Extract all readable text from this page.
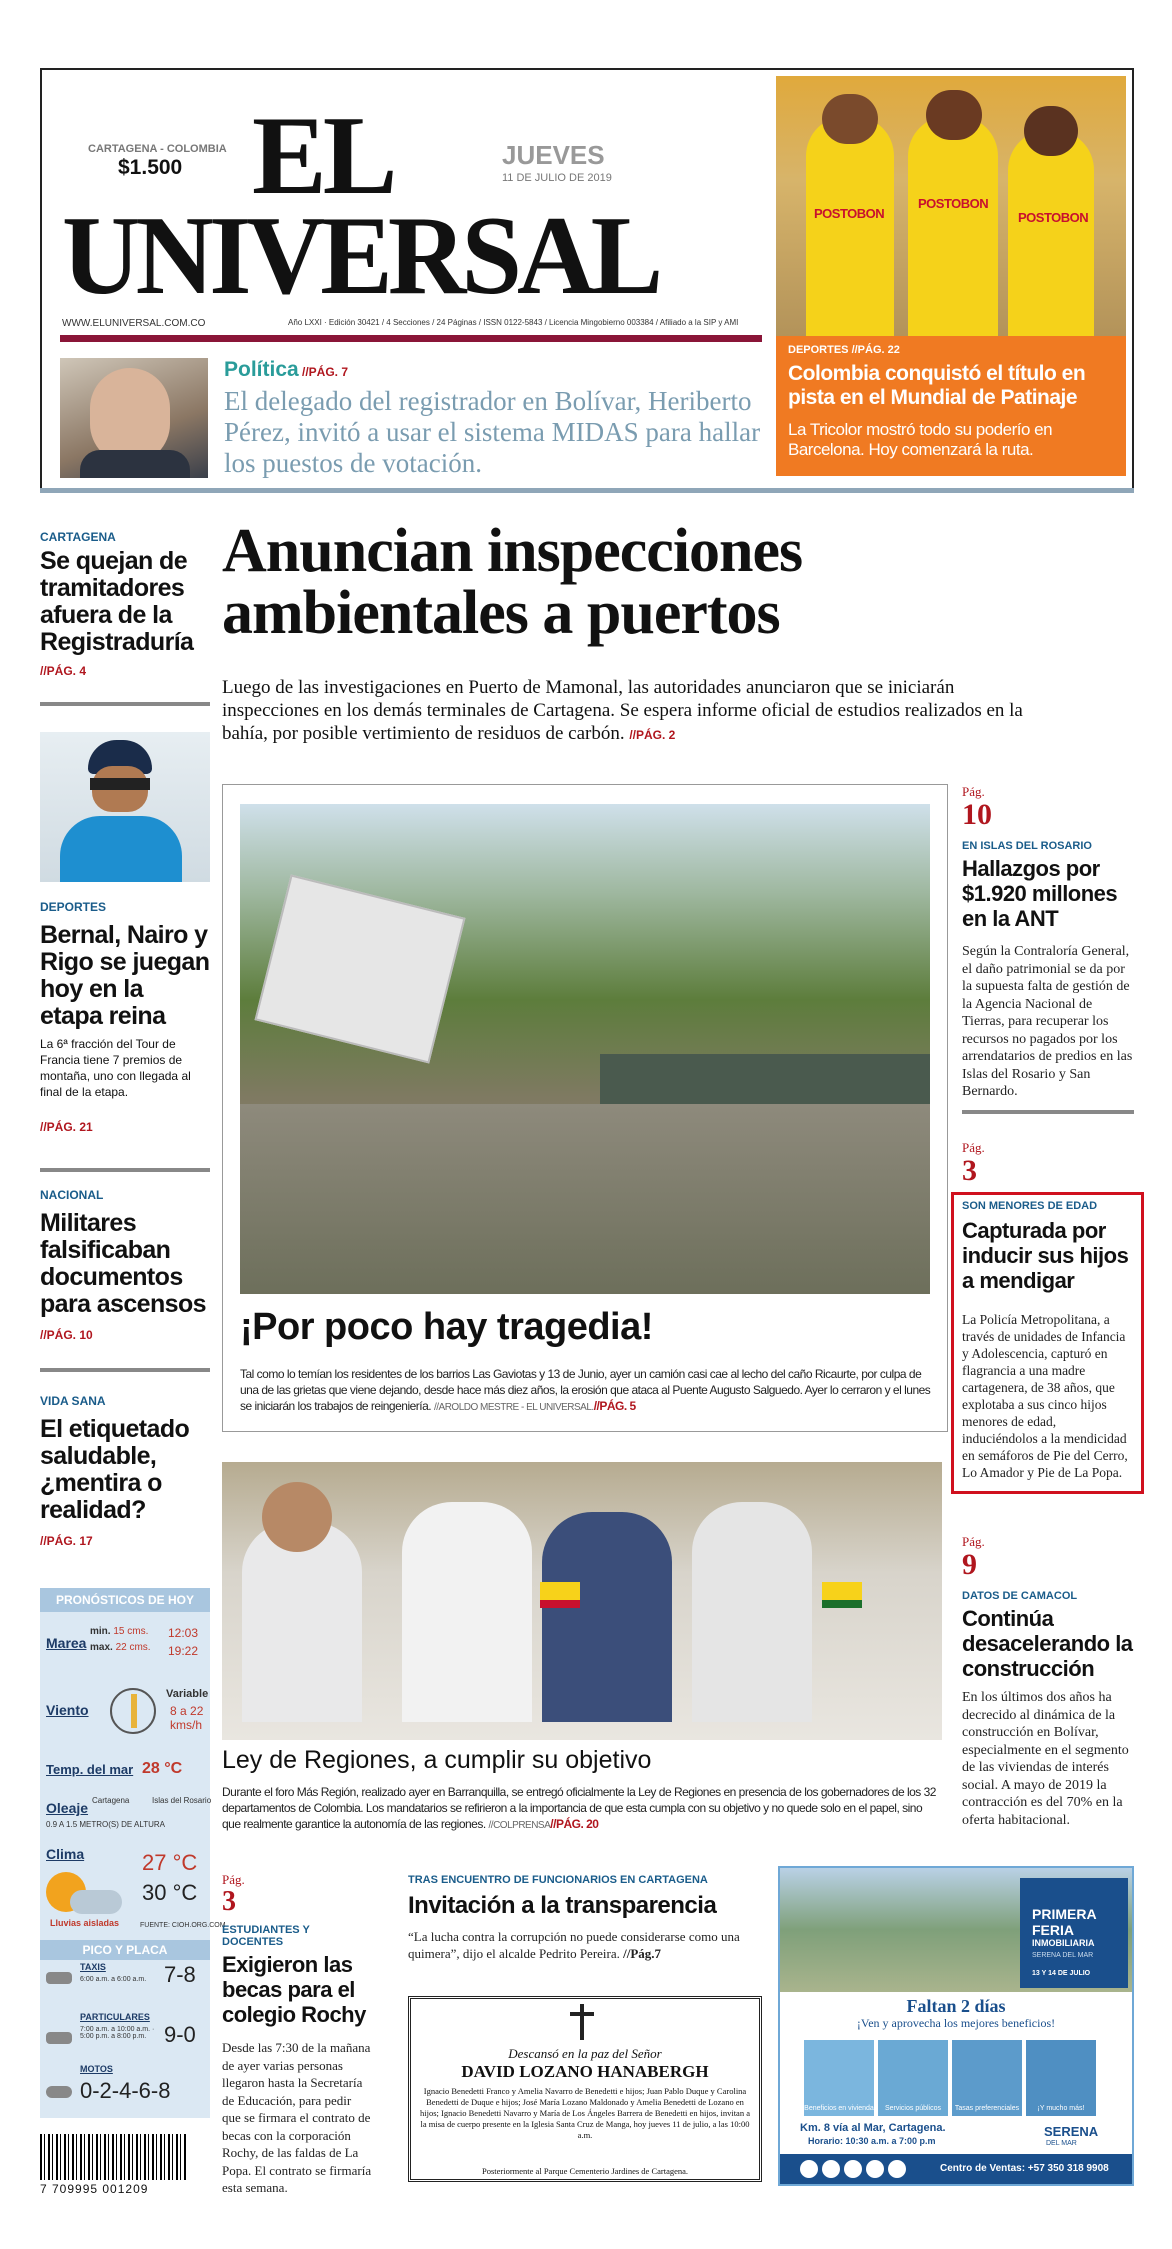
CARTAGENA - COLOMBIA
$1.500 EL
UNIVERSAL
JUEVES
11 DE JULIO DE 2019
WWW.ELUNIVERSAL.COM.CO	Año LXXI · Edición 30421 / 4 Secciones / 24 Páginas / ISSN 0122-5843 / Licencia Mingobierno 003384 / Afiliado a la SIP y AMI
Política //PÁG. 7
El delegado del registrador en Bolívar, Heriberto Pérez, invitó a usar el sistema MIDAS para hallar los puestos de votación.
POSTOBON
POSTOBON
POSTOBON
DEPORTES //PÁG. 22
Colombia conquistó el título en pista en el Mundial de Patinaje
La Tricolor mostró todo su poderío en Barcelona. Hoy comenzará la ruta.
Anuncian inspecciones ambientales a puertos
Luego de las investigaciones en Puerto de Mamonal, las autoridades anunciaron que se iniciarán inspecciones en los demás terminales de Cartagena. Se espera informe oficial de estudios realizados en la bahía, por posible vertimiento de residuos de carbón. //PÁG. 2
CARTAGENA
Se quejan de tramitadores afuera de la Registraduría
//PÁG. 4
DEPORTES
Bernal, Nairo y Rigo se juegan hoy en la etapa reina
La 6ª fracción del Tour de Francia tiene 7 premios de montaña, uno con llegada al final de la etapa.
//PÁG. 21
NACIONAL
Militares falsificaban documentos para ascensos
//PÁG. 10
VIDA SANA
El etiquetado saludable, ¿mentira o realidad?
//PÁG. 17
PRONÓSTICOS DE HOY
Marea
min. 15 cms.
max. 22 cms.
12:03
19:22
Viento
Variable
8 a 22 kms/h
Temp. del mar 28 °C
Oleaje Cartagena	Islas del Rosario
0.9 A 1.5 METRO(S) DE ALTURA
Clima	27 °C
30 °C
Lluvias aisladas	FUENTE: CIOH.ORG.COM
PICO Y PLACA
TAXIS
6:00 a.m. a 6:00 a.m. 7-8
PARTICULARES
7:00 a.m. a 10:00 a.m. · 5:00 p.m. a 8:00 p.m. 9-0
MOTOS
0-2-4-6-8
7 709995 001209
¡Por poco hay tragedia!
Tal como lo temían los residentes de los barrios Las Gaviotas y 13 de Junio, ayer un camión casi cae al lecho del caño Ricaurte, por culpa de una de las grietas que viene dejando, desde hace más diez años, la erosión que ataca al Puente Augusto Salguedo. Ayer lo cerraron y el lunes se iniciarán los trabajos de reingeniería. //AROLDO MESTRE - EL UNIVERSAL.//PÁG. 5
Ley de Regiones, a cumplir su objetivo
Durante el foro Más Región, realizado ayer en Barranquilla, se entregó oficialmente la Ley de Regiones en presencia de los gobernadores de los 32 departamentos de Colombia. Los mandatarios se refirieron a la importancia de que esta cumpla con su objetivo y no quede solo en el papel, sino que realmente garantice la autonomía de las regiones. //COLPRENSA//PÁG. 20
Pág.
10
EN ISLAS DEL ROSARIO
Hallazgos por $1.920 millones en la ANT
Según la Contraloría General, el daño patrimonial se da por la supuesta falta de gestión de la Agencia Nacional de Tierras, para recuperar los recursos no pagados por los arrendatarios de predios en las Islas del Rosario y San Bernardo.
Pág.
3
SON MENORES DE EDAD
Capturada por inducir sus hijos a mendigar
La Policía Metropolitana, a través de unidades de Infancia y Adolescencia, capturó en flagrancia a una madre cartagenera, de 38 años, que explotaba a sus cinco hijos menores de edad, induciéndolos a la mendicidad en semáforos de Pie del Cerro, Lo Amador y Pie de La Popa.
Pág.
9
DATOS DE CAMACOL
Continúa desacelerando la construcción
En los últimos dos años ha decrecido al dinámica de la construcción en Bolívar, especialmente en el segmento de las viviendas de interés social. A mayo de 2019 la contracción es del 70% en la oferta habitacional.
Pág.
3
ESTUDIANTES Y DOCENTES
Exigieron las becas para el colegio Rochy
Desde las 7:30 de la mañana de ayer varias personas llegaron hasta la Secretaría de Educación, para pedir que se firmara el contrato de becas con la corporación Rochy, de las faldas de La Popa. El contrato se firmaría esta semana.
TRAS ENCUENTRO DE FUNCIONARIOS EN CARTAGENA
Invitación a la transparencia
“La lucha contra la corrupción no puede considerarse como una quimera”, dijo el alcalde Pedrito Pereira. //Pág.7
Descansó en la paz del Señor
DAVID LOZANO HANABERGH
Ignacio Benedetti Franco y Amelia Navarro de Benedetti e hijos; Juan Pablo Duque y Carolina Benedetti de Duque e hijos; José María Lozano Maldonado y Amelia Benedetti de Lozano en hijos; Ignacio Benedetti Navarro y María de Los Ángeles Barrera de Benedetti en hijos, invitan a la misa de cuerpo presente en la Iglesia Santa Cruz de Manga, hoy jueves 11 de julio, a las 10:00 a.m.
Posteriormente al Parque Cementerio Jardines de Cartagena.
PRIMERA
FERIA
INMOBILIARIA
SERENA DEL MAR
13 Y 14 DE JULIO
Faltan 2 días
¡Ven y aprovecha los mejores beneficios!
Beneficios en vivienda	Servicios públicos	Tasas preferenciales	¡Y mucho más!
Km. 8 vía al Mar, Cartagena.
Horario: 10:30 a.m. a 7:00 p.m
SERENA
DEL MAR
Centro de Ventas: +57 350 318 9908
